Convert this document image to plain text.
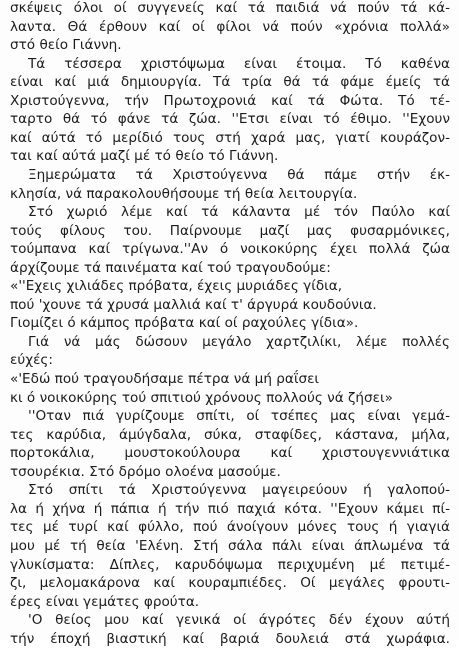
σκέψεις όλοι οί συγγενείς καί τά παιδιά νά πούν τά κά-
λαντα. Θά έρθουν καί οί φίλοι νά πούν «χρόνια πολλά»
στό θείο Γιάννη.
Τά τέσσερα χριστόψωμα είναι έτοιμα. Τό καθένα
είναι καί μιά δημιουργία. Τά τρία θά τά φάμε έμείς τά
Χριστούγεννα, τήν Πρωτοχρονιά καί τά Φώτα. Τό τέ-
ταρτο θά τό φάνε τά ζώα. ''Ετσι είναι τό έθιμο. ''Εχουν
καί αύτά τό μερίδιό τους στή χαρά μας, γιατί κουράζον-
ται καί αύτά μαζί μέ τό θείο τό Γιάννη.
Ξημερώματα τά Χριστούγεννα θά πάμε στήν έκ-
κλησία, νά παρακολουθήσουμε τή θεία λειτουργία.
Στό χωριό λέμε καί τά κάλαντα μέ τόν Παύλο καί
τούς φίλους του. Παίρνουμε μαζί μας φυσαρμόνικες,
τούμπανα καί τρίγωνα.''Αν ό νοικοκύρης έχει πολλά ζώα
άρχίζουμε τά παινέματα καί τού τραγουδούμε:
«''Εχεις χιλιάδες πρόβατα, έχεις μυριάδες γίδια,
πού 'χουνε τά χρυσά μαλλιά καί τ' άργυρά κουδούνια.
Γιομίζει ό κάμπος πρόβατα καί οί ραχούλες γίδια».
Γιά νά μάς δώσουν μεγάλο χαρτζιλίκι, λέμε πολλές
εύχές:
«'Εδώ πού τραγουδήσαμε πέτρα νά μή ραΐσει
κι ό νοικοκύρης τού σπιτιού χρόνους πολλούς νά ζήσει»
''Οταν πιά γυρίζουμε σπίτι, οί τσέπες μας είναι γεμά-
τες καρύδια, άμύγδαλα, σύκα, σταφίδες, κάστανα, μήλα,
πορτοκάλια, μουστοκούλουρα καί χριστουγεννιάτικα
τσουρέκια. Στό δρόμο ολοένα μασούμε.
Στό σπίτι τά Χριστούγεννα μαγειρεύουν ή γαλοπού-
λα ή χήνα ή πάπια ή τήν πιό παχιά κότα. ''Εχουν κάμει πί-
τες μέ τυρί καί φύλλο, πού άνοίγουν μόνες τους ή γιαγιά
μου μέ τή θεία 'Ελένη. Στή σάλα πάλι είναι άπλωμένα τά
γλυκίσματα: Δίπλες, καρυδόψωμα περιχυμένη μέ πετιμέ-
ζι, μελομακάρονα καί κουραμπιέδες. Οί μεγάλες φρουτι-
έρες είναι γεμάτες φρούτα.
'Ο θείος μου καί γενικά οί άγρότες δέν έχουν αύτή
τήν έποχή βιαστική καί βαριά δουλειά στά χωράφια.
